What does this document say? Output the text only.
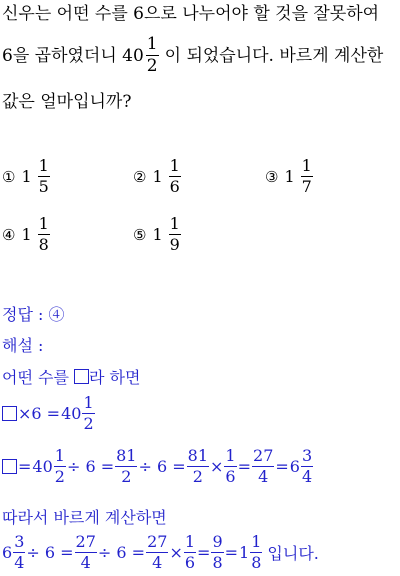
신우는 어떤 수를 6으로 나누어야 할 것을 잘못하여
6을 곱하였더니 $40 \frac{1}{2}$ 이 되었습니다. 바르게 계산한
값은 얼마입니까?
① $1 \frac{1}{5}$	② $1 \frac{1}{6}$	③ $1 \frac{1}{7}$
④ $1 \frac{1}{8}$	⑤ $1 \frac{1}{9}$
정답 : ④
해설 :
어떤 수를 라 하면
$\times 6 = 40 \frac{1}{2}$
= $40 \frac{1}{2} \div 6 = \frac{81}{2} \div 6 = \frac{81}{2} \times \frac{1}{6} = \frac{27}{4} = 6 \frac{3}{4}$
따라서 바르게 계산하면
$6 \frac{3}{4} \div 6 = \frac{27}{4} \div 6 = \frac{27}{4} \times \frac{1}{6} = \frac{9}{8} = 1 \frac{1}{8}$ 입니다.
